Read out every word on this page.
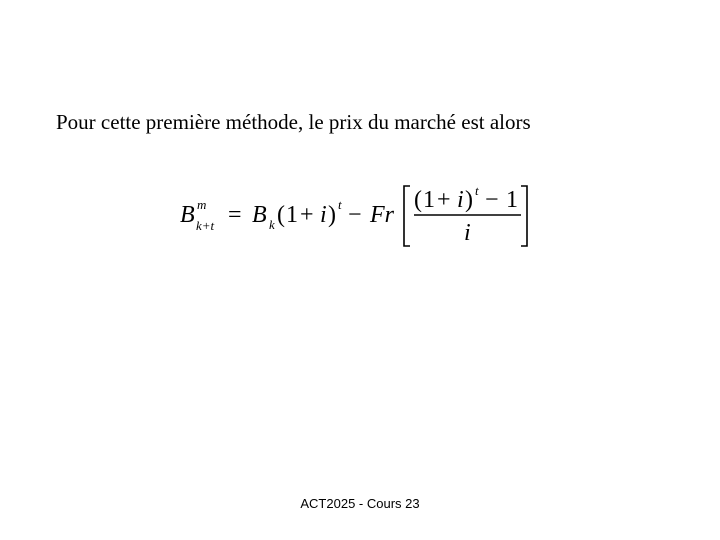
Pour cette première méthode, le prix du marché est alors
B m
k+t = B k ( 1 + i ) t − Fr
( 1 + i ) t − 1
i
ACT2025 - Cours 23
